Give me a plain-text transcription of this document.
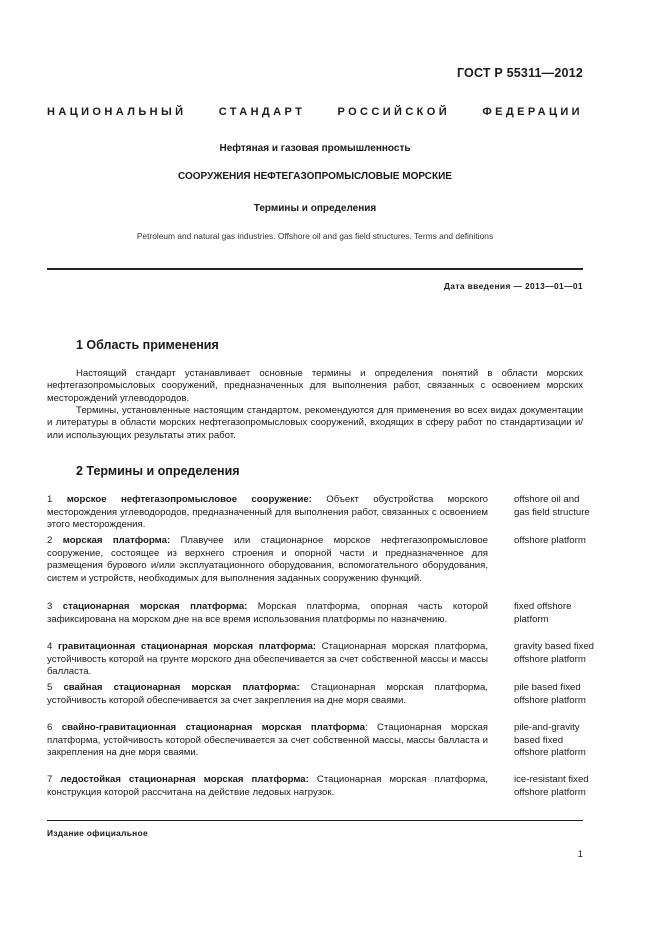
ГОСТ Р 55311—2012
НАЦИОНАЛЬНЫЙ СТАНДАРТ РОССИЙСКОЙ ФЕДЕРАЦИИ
Нефтяная и газовая промышленность
СООРУЖЕНИЯ НЕФТЕГАЗОПРОМЫСЛОВЫЕ МОРСКИЕ
Термины и определения
Petroleum and natural gas industries. Offshore oil and gas field structures. Terms and definitions
Дата введения — 2013—01—01
1 Область применения

Настоящий стандарт устанавливает основные термины и определения понятий в области морских нефтегазопромысловых сооружений, предназначенных для выполнения работ, связанных с освоением морских месторождений углеводородов.

Термины, установленные настоящим стандартом, рекомендуются для применения во всех видах документации и литературы в области морских нефтегазопромысловых сооружений, входящих в сферу работ по стандартизации и/или использующих результаты этих работ.

2 Термины и определения

1 морское нефтегазопромысловое сооружение: Объект обустройства морского месторождения углеводородов, предназначенный для выполнения работ, связанных с освоением этого месторождения.

offshore oil and gas field structure

2 морская платформа: Плавучее или стационарное морское нефтегазопромысловое сооружение, состоящее из верхнего строения и опорной части и предназначенное для размещения бурового и/или эксплуатационного оборудования, вспомогательного оборудования, систем и устройств, необходимых для выполнения заданных сооружению функций.

offshore platform

3 стационарная морская платформа: Морская платформа, опорная часть которой зафиксирована на морском дне на все время использования платформы по назначению.

fixed offshore platform

4 гравитационная стационарная морская платформа: Стационарная морская платформа, устойчивость которой на грунте морского дна обеспечивается за счет собственной массы и массы балласта.

gravity based fixed offshore platform

5 свайная стационарная морская платформа: Стационарная морская платформа, устойчивость которой обеспечивается за счет закрепления на дне моря сваями.

pile based fixed offshore platform

6 свайно-гравитационная стационарная морская платформа: Стационарная морская платформа, устойчивость которой обеспечивается за счет собственной массы, массы балласта и закрепления на дне моря сваями.

pile-and-gravity based fixed offshore platform

7 ледостойкая стационарная морская платформа: Стационарная морская платформа, конструкция которой рассчитана на действие ледовых нагрузок.

ice-resistant fixed offshore platform
Издание официальное
1
